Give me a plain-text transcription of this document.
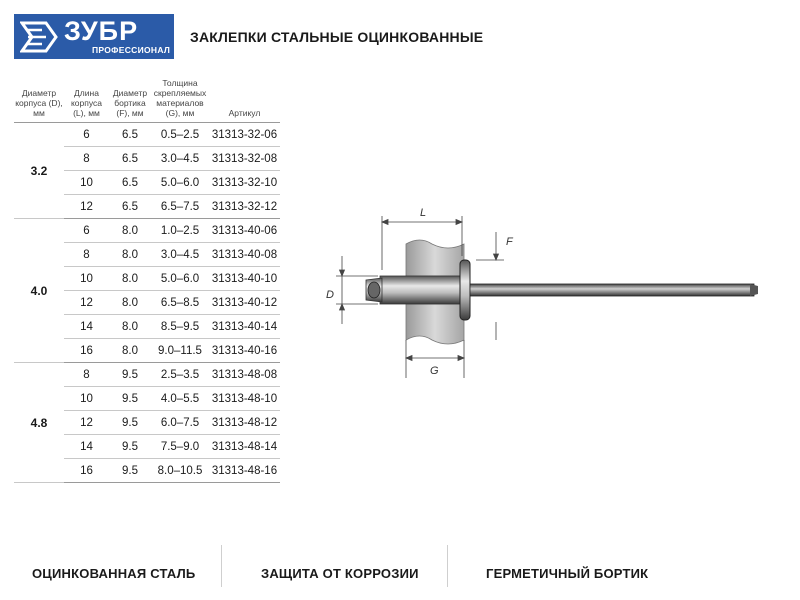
ЗУБР
ПРОФЕССИОНАЛ
ЗАКЛЕПКИ СТАЛЬНЫЕ ОЦИНКОВАННЫЕ
Диаметр корпуса (D), мм	Длина корпуса (L), мм	Диаметр бортика (F), мм	Толщина скрепляемых материалов (G), мм	Артикул
3.2	6	6.5	0.5–2.5	31313-32-06
	8	6.5	3.0–4.5	31313-32-08
	10	6.5	5.0–6.0	31313-32-10
	12	6.5	6.5–7.5	31313-32-12
4.0	6	8.0	1.0–2.5	31313-40-06
	8	8.0	3.0–4.5	31313-40-08
	10	8.0	5.0–6.0	31313-40-10
	12	8.0	6.5–8.5	31313-40-12
	14	8.0	8.5–9.5	31313-40-14
	16	8.0	9.0–11.5	31313-40-16
4.8	8	9.5	2.5–3.5	31313-48-08
	10	9.5	4.0–5.5	31313-48-10
	12	9.5	6.0–7.5	31313-48-12
	14	9.5	7.5–9.0	31313-48-14
	16	9.5	8.0–10.5	31313-48-16
L
F
D
G
ОЦИНКОВАННАЯ СТАЛЬ	ЗАЩИТА ОТ КОРРОЗИИ	ГЕРМЕТИЧНЫЙ БОРТИК
